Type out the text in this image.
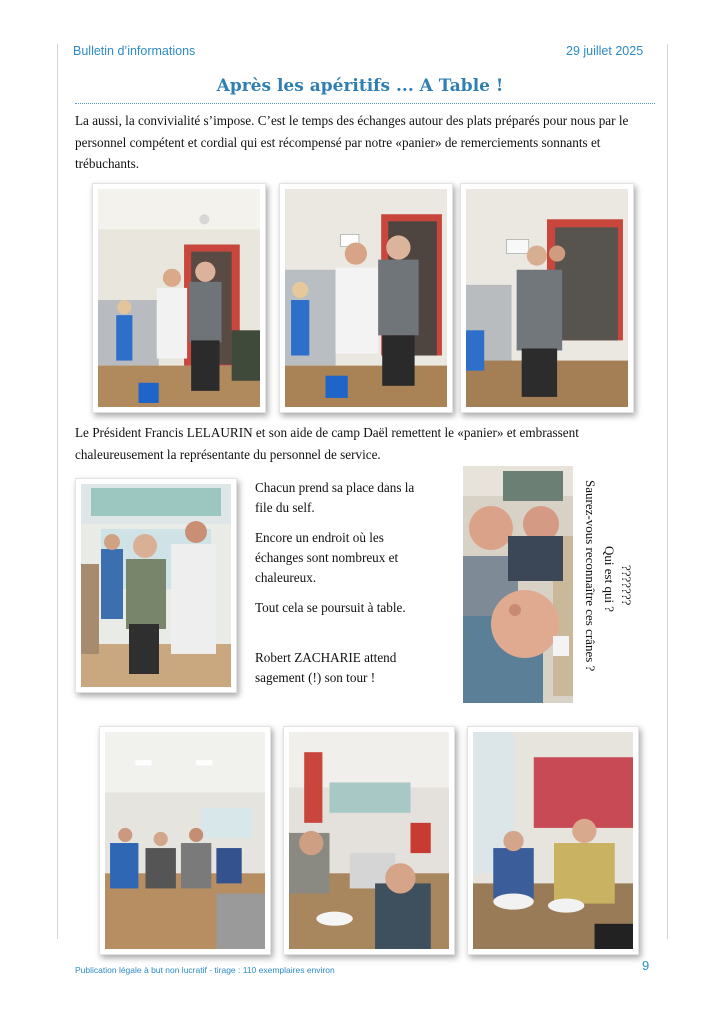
Bulletin d’informations	29 juillet 2025
Après les apéritifs ... A Table !
La aussi, la convivialité s’impose. C’est le temps des échanges autour des plats préparés pour nous par le personnel compétent et cordial qui est récompensé par notre «panier» de remerciements sonnants et trébuchants.
Le Président Francis LELAURIN et son aide de camp Daël remettent le «panier» et embrassent chaleureusement la représentante du personnel de service.

Chacun prend sa place dans la file du self.

Encore un endroit où les échanges sont nombreux et chaleureux.

Tout cela se poursuit à table.

Robert ZACHARIE attend sagement (!) son tour !

Saurez-vous reconnaître ces crânes ? Qui est qui ? ???????
Publication légale à but non lucratif - tirage : 110 exemplaires environ	9
